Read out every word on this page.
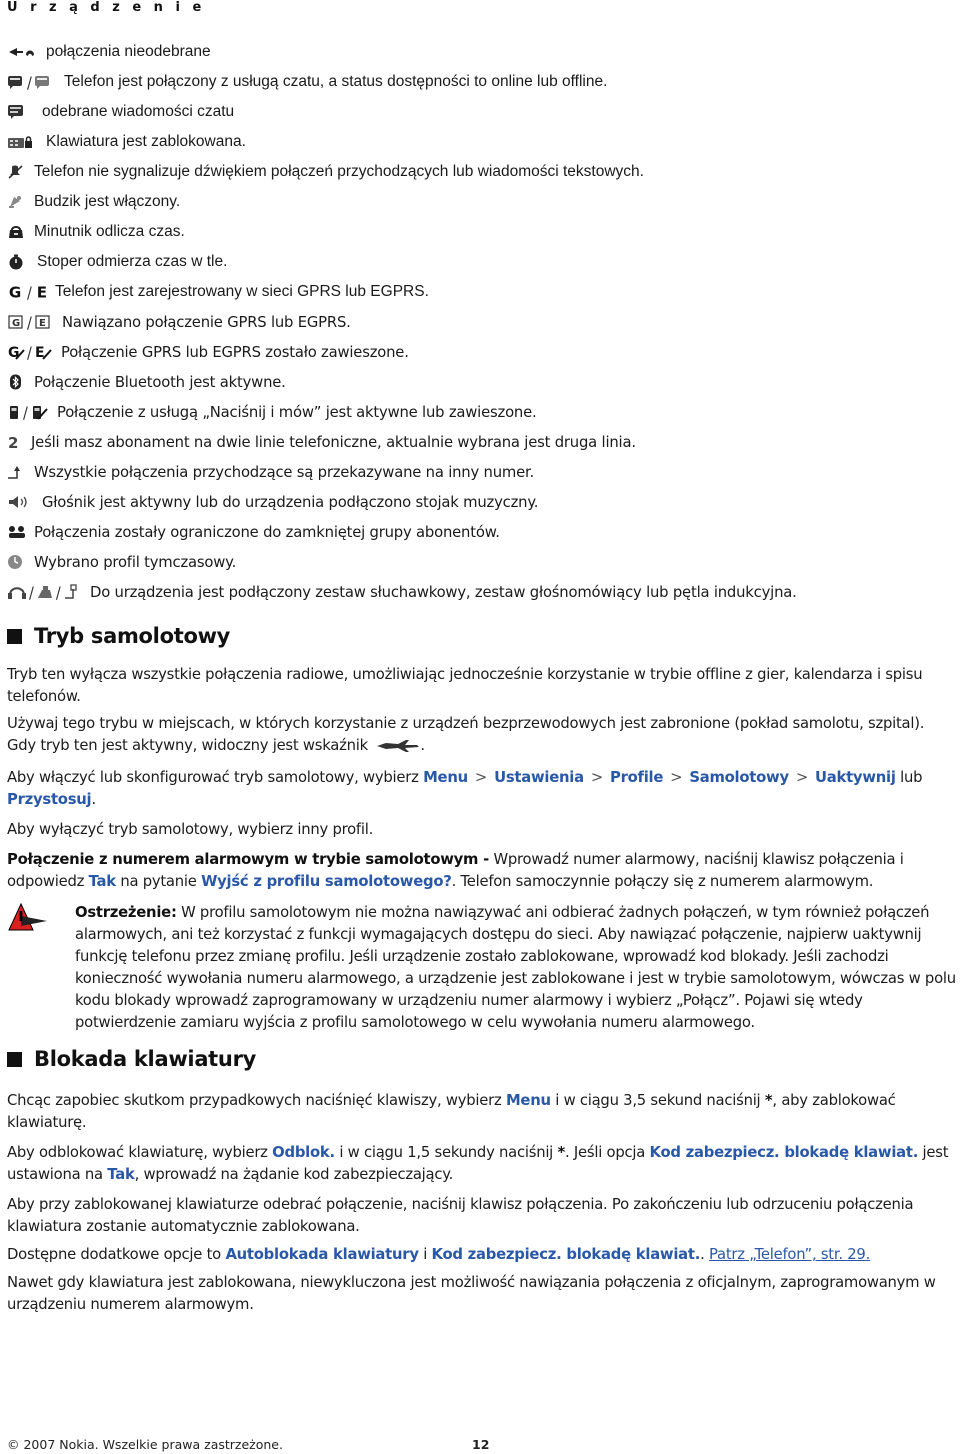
U r z ą d z e n i e
połączenia nieodebrane
/ Telefon jest połączony z usługą czatu, a status dostępności to online lub offline.
odebrane wiadomości czatu
Klawiatura jest zablokowana.
Telefon nie sygnalizuje dźwiękiem połączeń przychodzących lub wiadomości tekstowych.
Budzik jest włączony.
Minutnik odlicza czas.
Stoper odmierza czas w tle.
G / E Telefon jest zarejestrowany w sieci GPRS lub EGPRS.
G / E Nawiązano połączenie GPRS lub EGPRS.
G / E Połączenie GPRS lub EGPRS zostało zawieszone.
Połączenie Bluetooth jest aktywne.
/ Połączenie z usługą „Naciśnij i mów” jest aktywne lub zawieszone.
2 Jeśli masz abonament na dwie linie telefoniczne, aktualnie wybrana jest druga linia.
Wszystkie połączenia przychodzące są przekazywane na inny numer.
Głośnik jest aktywny lub do urządzenia podłączono stojak muzyczny.
Połączenia zostały ograniczone do zamkniętej grupy abonentów.
Wybrano profil tymczasowy.
/ / Do urządzenia jest podłączony zestaw słuchawkowy, zestaw głośnomówiący lub pętla indukcyjna.
Tryb samolotowy
Tryb ten wyłącza wszystkie połączenia radiowe, umożliwiając jednocześnie korzystanie w trybie offline z gier, kalendarza i spisu telefonów.
Używaj tego trybu w miejscach, w których korzystanie z urządzeń bezprzewodowych jest zabronione (pokład samolotu, szpital). Gdy tryb ten jest aktywny, widoczny jest wskaźnik	.
Aby włączyć lub skonfigurować tryb samolotowy, wybierz Menu > Ustawienia > Profile > Samolotowy > Uaktywnij lub Przystosuj.
Aby wyłączyć tryb samolotowy, wybierz inny profil.
Połączenie z numerem alarmowym w trybie samolotowym - Wprowadź numer alarmowy, naciśnij klawisz połączenia i odpowiedz Tak na pytanie Wyjść z profilu samolotowego?. Telefon samoczynnie połączy się z numerem alarmowym.
Ostrzeżenie: W profilu samolotowym nie można nawiązywać ani odbierać żadnych połączeń, w tym również połączeń alarmowych, ani też korzystać z funkcji wymagających dostępu do sieci. Aby nawiązać połączenie, najpierw uaktywnij funkcję telefonu przez zmianę profilu. Jeśli urządzenie zostało zablokowane, wprowadź kod blokady. Jeśli zachodzi konieczność wywołania numeru alarmowego, a urządzenie jest zablokowane i jest w trybie samolotowym, wówczas w polu kodu blokady wprowadź zaprogramowany w urządzeniu numer alarmowy i wybierz „Połącz”. Pojawi się wtedy potwierdzenie zamiaru wyjścia z profilu samolotowego w celu wywołania numeru alarmowego.
Blokada klawiatury
Chcąc zapobiec skutkom przypadkowych naciśnięć klawiszy, wybierz Menu i w ciągu 3,5 sekund naciśnij *, aby zablokować klawiaturę.
Aby odblokować klawiaturę, wybierz Odblok. i w ciągu 1,5 sekundy naciśnij *. Jeśli opcja Kod zabezpiecz. blokadę klawiat. jest ustawiona na Tak, wprowadź na żądanie kod zabezpieczający.
Aby przy zablokowanej klawiaturze odebrać połączenie, naciśnij klawisz połączenia. Po zakończeniu lub odrzuceniu połączenia klawiatura zostanie automatycznie zablokowana.
Dostępne dodatkowe opcje to Autoblokada klawiatury i Kod zabezpiecz. blokadę klawiat.. Patrz „Telefon”, str. 29.
Nawet gdy klawiatura jest zablokowana, niewykluczona jest możliwość nawiązania połączenia z oficjalnym, zaprogramowanym w urządzeniu numerem alarmowym.
© 2007 Nokia. Wszelkie prawa zastrzeżone.	12
